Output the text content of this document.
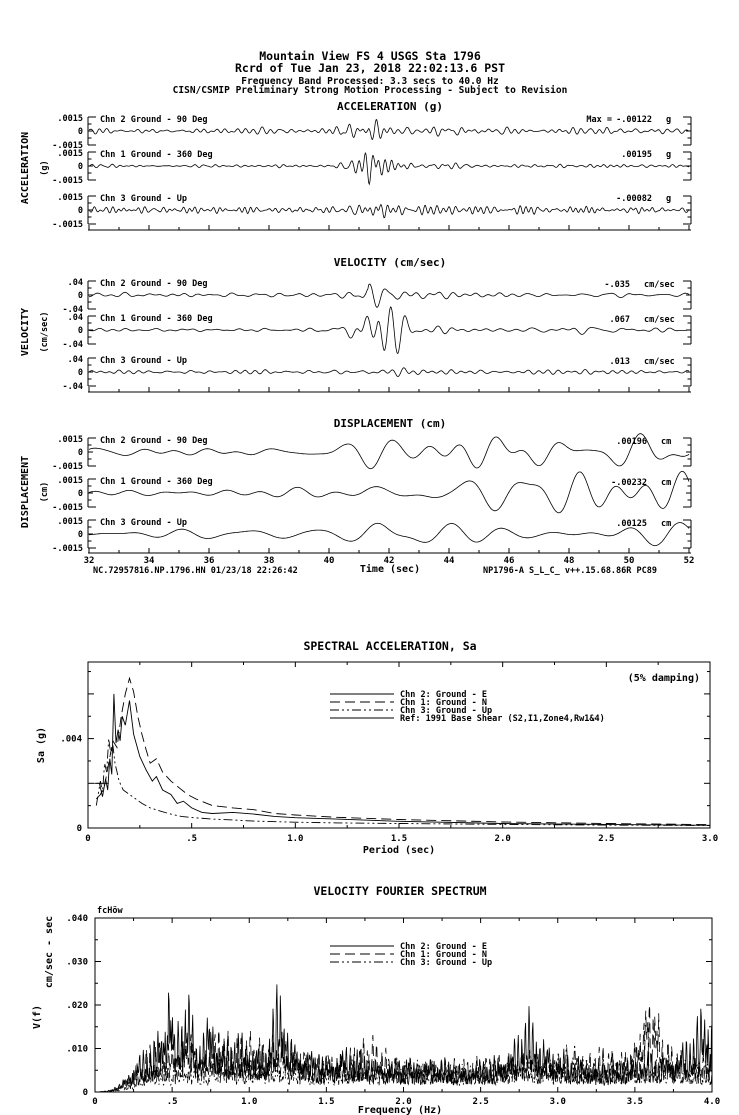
Mountain View FS 4 USGS Sta 1796
Rcrd of Tue Jan 23, 2018 22:02:13.6 PST
Frequency Band Processed: 3.3 secs to 40.0 Hz
CISN/CSMIP Preliminary Strong Motion Processing - Subject to Revision
ACCELERATION (g)
VELOCITY (cm/sec)
DISPLACEMENT (cm)
ACCELERATION (g)
VELOCITY (cm/sec)
DISPLACEMENT (cm)
Time (sec)
NC.72957816.NP.1796.HN 01/23/18 22:26:42	NP1796-A S_L_C_ v++.15.68.86R PC89
SPECTRAL ACCELERATION, Sa
(5% damping)
Sa (g)
Period (sec)
VELOCITY FOURIER SPECTRUM
fcHöw
cm/sec - sec
V(f)
Frequency (Hz)
.0015
0
-.0015
Chn 2 Ground - 90 Deg	Max = -.00122 g
.0015
0
-.0015
Chn 1 Ground - 360 Deg	.00195 g
.0015
0
-.0015
Chn 3 Ground - Up	-.00082 g
.04
0
-.04
Chn 2 Ground - 90 Deg	-.035 cm/sec
.04
0
-.04
Chn 1 Ground - 360 Deg	.067 cm/sec
.04
0
-.04
Chn 3 Ground - Up	.013 cm/sec
.0015
0
-.0015
Chn 2 Ground - 90 Deg	.00196 cm
.0015
0
-.0015
Chn 1 Ground - 360 Deg	-.00232 cm
.0015
0
-.0015
Chn 3 Ground - Up	.00125 cm
32	34	36	38	40	42	44	46	48	50	52
0	.5	1.0	1.5	2.0	2.5	3.0
0
.004
Chn 2: Ground - E
Chn 1: Ground - N
Chn 3: Ground - Up
Ref: 1991 Base Shear (S2,I1,Zone4,Rw1&4)
0	.5	1.0	1.5	2.0	2.5	3.0	3.5	4.0
.040
.030
.020
.010
0
Chn 2: Ground - E
Chn 1: Ground - N
Chn 3: Ground - Up
